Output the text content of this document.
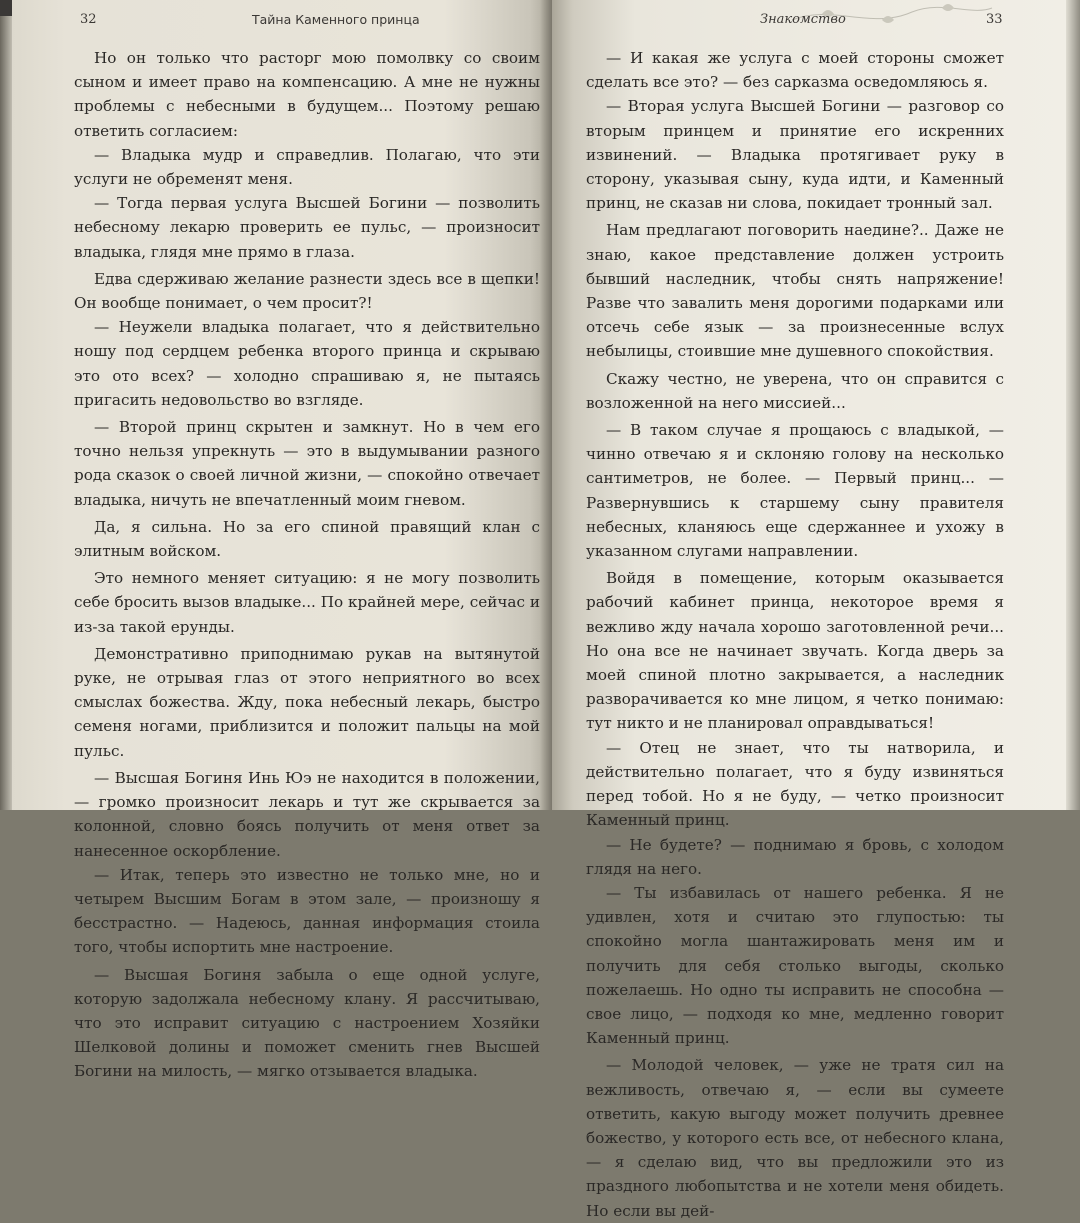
32	Тайна Каменного принца

Но он только что расторг мою помолвку со своим сыном и имеет право на компенсацию. А мне не нужны проблемы с небесными в будущем... Поэтому решаю ответить согласием:

— Владыка мудр и справедлив. Полагаю, что эти услуги не обременят меня.

— Тогда первая услуга Высшей Богини — позволить небесному лекарю проверить ее пульс, — произносит владыка, глядя мне прямо в глаза.

Едва сдерживаю желание разнести здесь все в щепки! Он вообще понимает, о чем просит?!

— Неужели владыка полагает, что я действительно ношу под сердцем ребенка второго принца и скрываю это ото всех? — холодно спрашиваю я, не пытаясь пригасить недовольство во взгляде.

— Второй принц скрытен и замкнут. Но в чем его точно нельзя упрекнуть — это в выдумывании разного рода сказок о своей личной жизни, — спокойно отвечает владыка, ничуть не впечатленный моим гневом.

Да, я сильна. Но за его спиной правящий клан с элитным войском.

Это немного меняет ситуацию: я не могу позволить себе бросить вызов владыке... По крайней мере, сейчас и из-за такой ерунды.

Демонстративно приподнимаю рукав на вытянутой руке, не отрывая глаз от этого неприятного во всех смыслах божества. Жду, пока небесный лекарь, быстро семеня ногами, приблизится и положит пальцы на мой пульс.

— Высшая Богиня Инь Юэ не находится в положении, — громко произносит лекарь и тут же скрывается за колонной, словно боясь получить от меня ответ за нанесенное оскорбление.

— Итак, теперь это известно не только мне, но и четырем Высшим Богам в этом зале, — произношу я бесстрастно. — Надеюсь, данная информация стоила того, чтобы испортить мне настроение.

— Высшая Богиня забыла о еще одной услуге, которую задолжала небесному клану. Я рассчитываю, что это исправит ситуацию с настроением Хозяйки Шелковой долины и поможет сменить гнев Высшей Богини на милость, — мягко отзывается владыка.

Знакомство	33

— И какая же услуга с моей стороны сможет сделать все это? — без сарказма осведомляюсь я.

— Вторая услуга Высшей Богини — разговор со вторым принцем и принятие его искренних извинений. — Владыка протягивает руку в сторону, указывая сыну, куда идти, и Каменный принц, не сказав ни слова, покидает тронный зал.

Нам предлагают поговорить наедине?.. Даже не знаю, какое представление должен устроить бывший наследник, чтобы снять напряжение! Разве что завалить меня дорогими подарками или отсечь себе язык — за произнесенные вслух небылицы, стоившие мне душевного спокойствия.

Скажу честно, не уверена, что он справится с возложенной на него миссией...

— В таком случае я прощаюсь с владыкой, — чинно отвечаю я и склоняю голову на несколько сантиметров, не более. — Первый принц... — Развернувшись к старшему сыну правителя небесных, кланяюсь еще сдержаннее и ухожу в указанном слугами направлении.

Войдя в помещение, которым оказывается рабочий кабинет принца, некоторое время я вежливо жду начала хорошо заготовленной речи... Но она все не начинает звучать. Когда дверь за моей спиной плотно закрывается, а наследник разворачивается ко мне лицом, я четко понимаю: тут никто и не планировал оправдываться!

— Отец не знает, что ты натворила, и действительно полагает, что я буду извиняться перед тобой. Но я не буду, — четко произносит Каменный принц.

— Не будете? — поднимаю я бровь, с холодом глядя на него.

— Ты избавилась от нашего ребенка. Я не удивлен, хотя и считаю это глупостью: ты спокойно могла шантажировать меня им и получить для себя столько выгоды, сколько пожелаешь. Но одно ты исправить не способна — свое лицо, — подходя ко мне, медленно говорит Каменный принц.

— Молодой человек, — уже не тратя сил на вежливость, отвечаю я, — если вы сумеете ответить, какую выгоду может получить древнее божество, у которого есть все, от небесного клана, — я сделаю вид, что вы предложили это из праздного любопытства и не хотели меня обидеть. Но если вы дей-
